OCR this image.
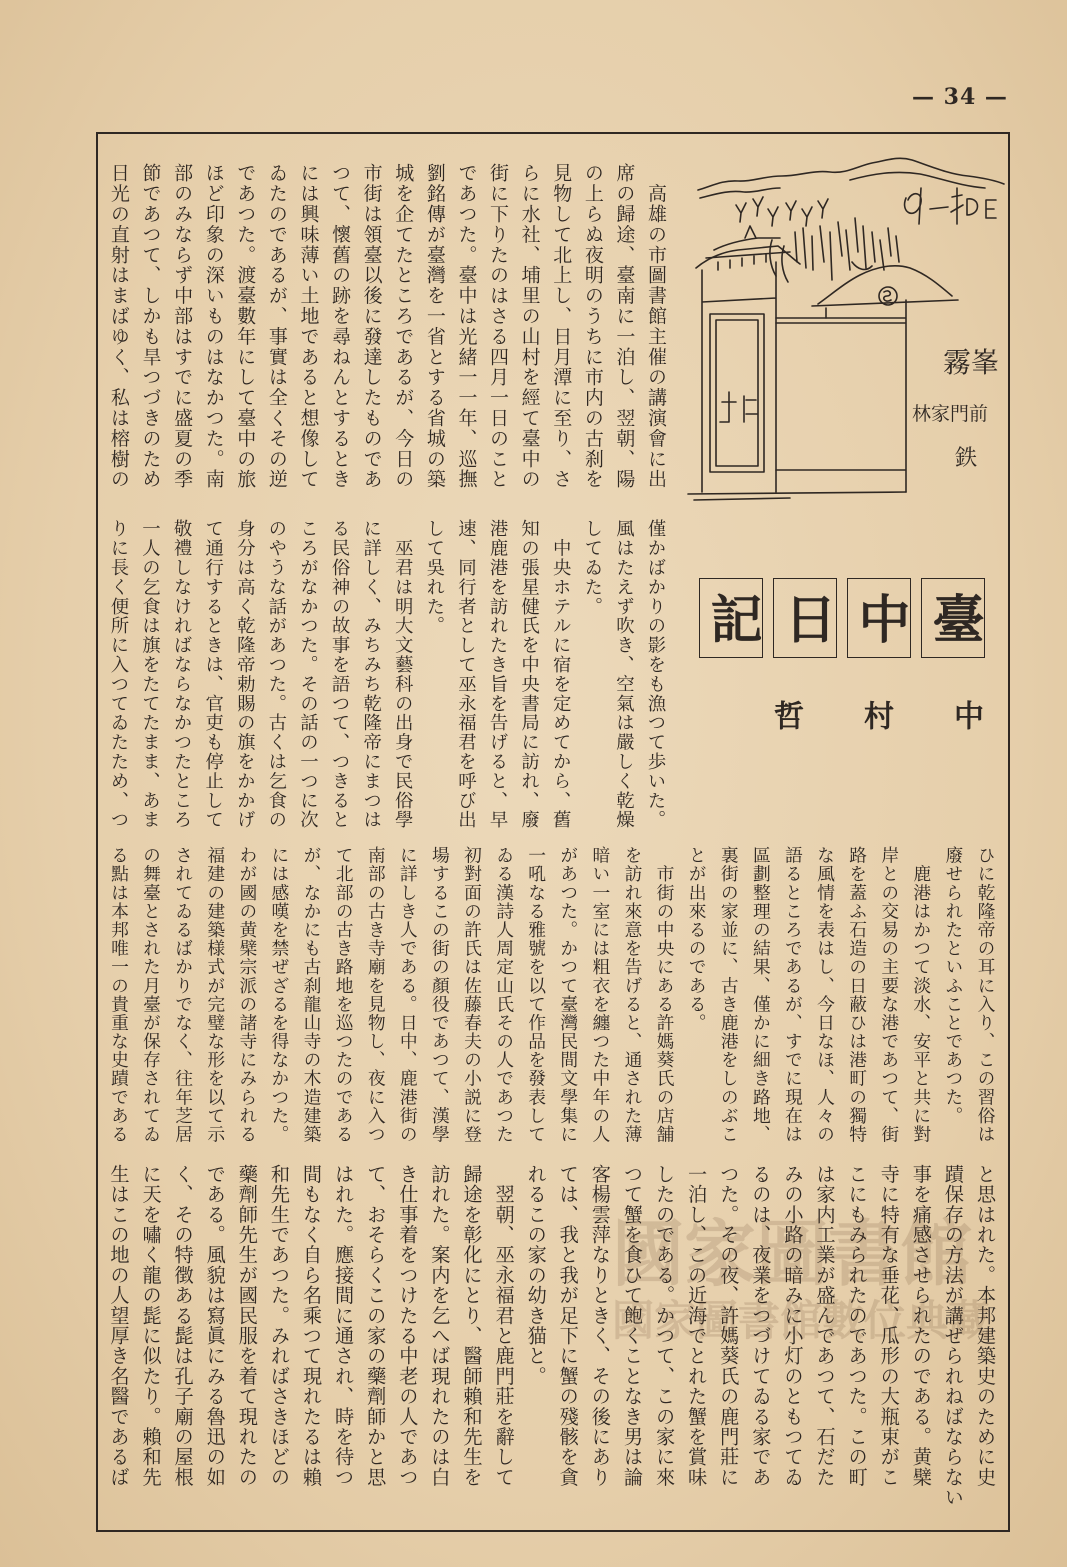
— 34 —
霧峯
林家門前
鉄
臺中日記
中村哲
　高雄の市圖書館主催の講演會に出
席の歸途、臺南に一泊し、翌朝、陽
の上らぬ夜明のうちに市内の古刹を
見物して北上し、日月潭に至り、さ
らに水社、埔里の山村を經て臺中の
街に下りたのはさる四月一日のこと
であつた。臺中は光緒一一年、巡撫
劉銘傳が臺灣を一省とする省城の築
城を企てたところであるが、今日の
市街は領臺以後に發達したものであ
つて、懷舊の跡を尋ねんとするとき
には興味薄い土地であると想像して
ゐたのであるが、事實は全くその逆
であつた。渡臺數年にして臺中の旅
ほど印象の深いものはなかつた。南
部のみならず中部はすでに盛夏の季
節であつて、しかも旱つづきのため
日光の直射はまばゆく、私は榕樹の
僅かばかりの影をも漁つて歩いた。
風はたえず吹き、空氣は嚴しく乾燥
してゐた。
　中央ホテルに宿を定めてから、舊
知の張星健氏を中央書局に訪れ、廢
港鹿港を訪れたき旨を告げると、早
速、同行者として巫永福君を呼び出
して吳れた。
　巫君は明大文藝科の出身で民俗學
に詳しく、みちみち乾隆帝にまつは
る民俗神の故事を語つて、つきると
ころがなかつた。その話の一つに次
のやうな話があつた。古くは乞食の
身分は高く乾隆帝勅賜の旗をかかげ
て通行するときは、官吏も停止して
敬禮しなければならなかつたところ
一人の乞食は旗をたてたまま、あま
りに長く便所に入つてゐたため、つ
ひに乾隆帝の耳に入り、この習俗は
廢せられたといふことであつた。
　鹿港はかつて淡水、安平と共に對
岸との交易の主要な港であつて、街
路を蓋ふ石造の日蔽ひは港町の獨特
な風情を表はし、今日なほ、人々の
語るところであるが、すでに現在は
區劃整理の結果、僅かに細き路地、
裏街の家並に、古き鹿港をしのぶこ
とが出來るのである。
　市街の中央にある許媽葵氏の店舗
を訪れ來意を告げると、通された薄
暗い一室には粗衣を纏つた中年の人
があつた。かつて臺灣民間文學集に
一吼なる雅號を以て作品を發表して
ゐる漢詩人周定山氏その人であつた
初對面の許氏は佐藤春夫の小説に登
場するこの街の顏役であつて、漢學
に詳しき人である。日中、鹿港街の
南部の古き寺廟を見物し、夜に入つ
て北部の古き路地を巡つたのである
が、なかにも古刹龍山寺の木造建築
には感嘆を禁ぜざるを得なかつた。
わが國の黄檗宗派の諸寺にみられる
福建の建築様式が完璧な形を以て示
されてゐるばかりでなく、往年芝居
の舞臺とされた月臺が保存されてゐ
る點は本邦唯一の貴重な史蹟である
と思はれた。本邦建築史のために史
蹟保存の方法が講ぜられねばならない
事を痛感させられたのである。黄檗
寺に特有な垂花、瓜形の大瓶束がこ
こにもみられたのであつた。この町
は家内工業が盛んであつて、石だた
みの小路の暗みに小灯のともつてゐ
るのは、夜業をつづけてゐる家であ
つた。その夜、許媽葵氏の鹿門莊に
一泊し、この近海でとれた蟹を賞味
したのである。かつて、この家に來
つて蟹を食ひて飽くことなき男は論
客楊雲萍なりときく、その後にあり
ては、我と我が足下に蟹の殘骸を貪
れるこの家の幼き猫と。
　翌朝、巫永福君と鹿門莊を辭して
歸途を彰化にとり、醫師賴和先生を
訪れた。案内を乞へば現れたのは白
き仕事着をつけたる中老の人であつ
て、おそらくこの家の藥劑師かと思
はれた。應接間に通され、時を待つ
間もなく自ら名乘つて現れたるは賴
和先生であつた。みればさきほどの
藥劑師先生が國民服を着て現れたの
である。風貌は寫眞にみる魯迅の如
く、その特徴ある髭は孔子廟の屋根
に天を嘯く龍の髭に似たり。賴和先
生はこの地の人望厚き名醫であるば	國家圖書館
國家圖書館數位典藏
